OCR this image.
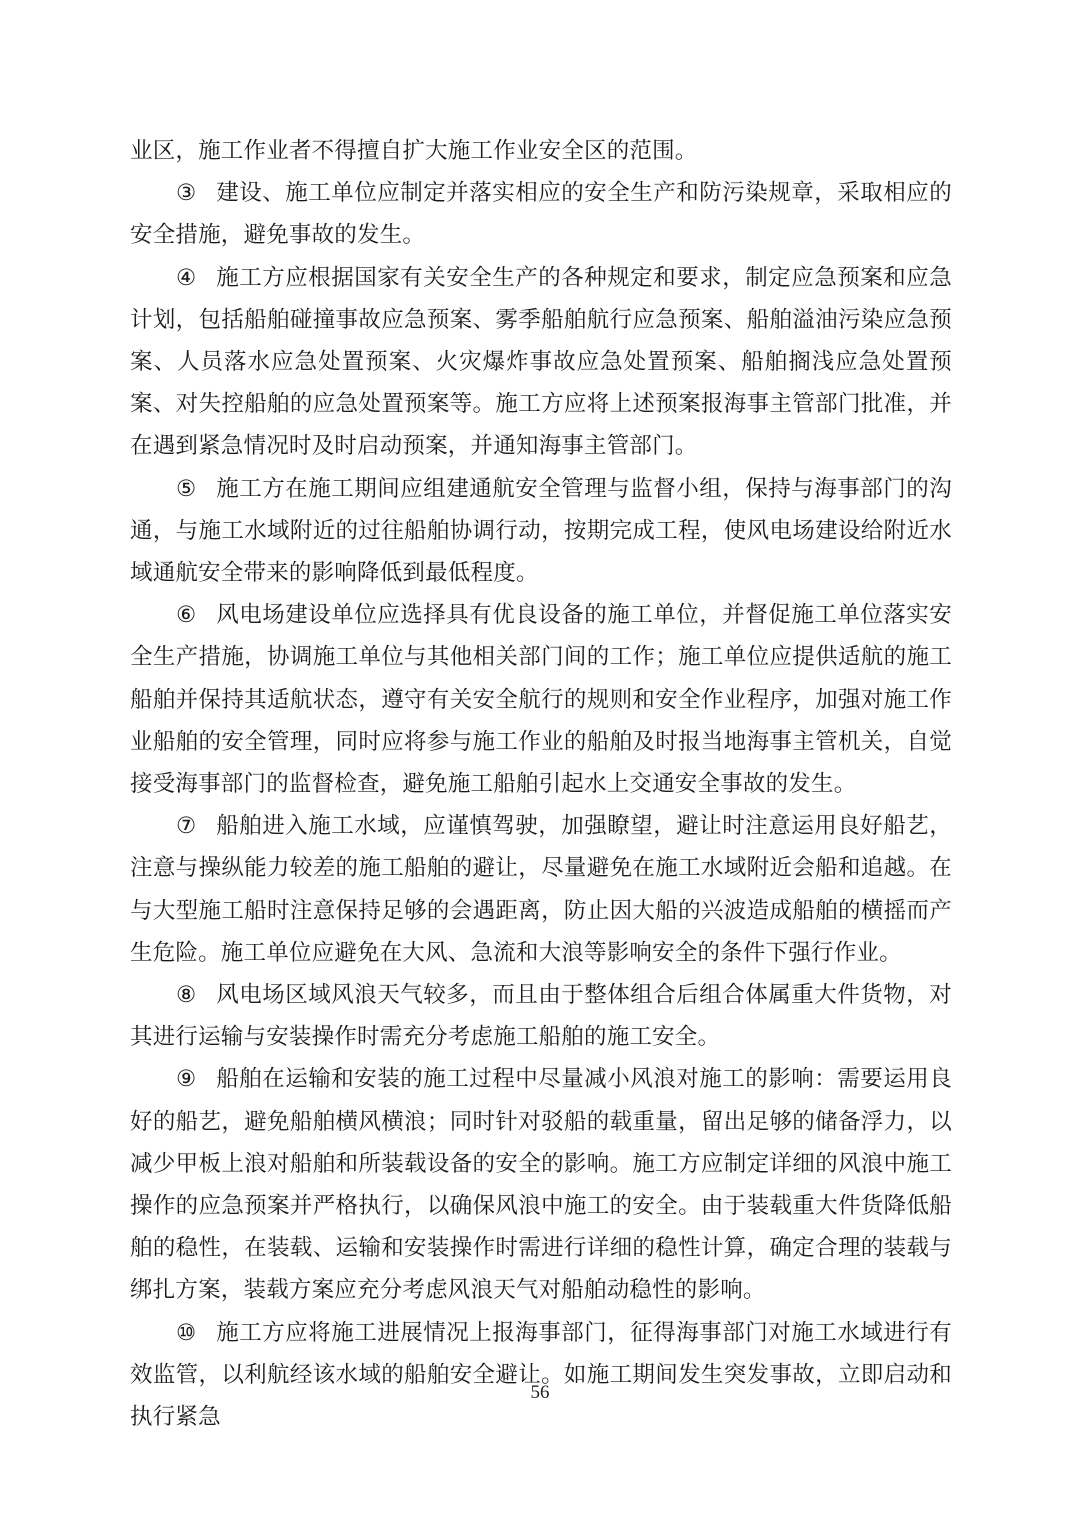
业区，施工作业者不得擅自扩大施工作业安全区的范围。

③ 建设、施工单位应制定并落实相应的安全生产和防污染规章，采取相应的安全措施，避免事故的发生。

④ 施工方应根据国家有关安全生产的各种规定和要求，制定应急预案和应急计划，包括船舶碰撞事故应急预案、雾季船舶航行应急预案、船舶溢油污染应急预案、人员落水应急处置预案、火灾爆炸事故应急处置预案、船舶搁浅应急处置预案、对失控船舶的应急处置预案等。施工方应将上述预案报海事主管部门批准，并在遇到紧急情况时及时启动预案，并通知海事主管部门。

⑤ 施工方在施工期间应组建通航安全管理与监督小组，保持与海事部门的沟通，与施工水域附近的过往船舶协调行动，按期完成工程，使风电场建设给附近水域通航安全带来的影响降低到最低程度。

⑥ 风电场建设单位应选择具有优良设备的施工单位，并督促施工单位落实安全生产措施，协调施工单位与其他相关部门间的工作；施工单位应提供适航的施工船舶并保持其适航状态，遵守有关安全航行的规则和安全作业程序，加强对施工作业船舶的安全管理，同时应将参与施工作业的船舶及时报当地海事主管机关，自觉接受海事部门的监督检查，避免施工船舶引起水上交通安全事故的发生。

⑦ 船舶进入施工水域，应谨慎驾驶，加强瞭望，避让时注意运用良好船艺，注意与操纵能力较差的施工船舶的避让，尽量避免在施工水域附近会船和追越。在与大型施工船时注意保持足够的会遇距离，防止因大船的兴波造成船舶的横摇而产生危险。施工单位应避免在大风、急流和大浪等影响安全的条件下强行作业。

⑧ 风电场区域风浪天气较多，而且由于整体组合后组合体属重大件货物，对其进行运输与安装操作时需充分考虑施工船舶的施工安全。

⑨ 船舶在运输和安装的施工过程中尽量减小风浪对施工的影响：需要运用良好的船艺，避免船舶横风横浪；同时针对驳船的载重量，留出足够的储备浮力，以减少甲板上浪对船舶和所装载设备的安全的影响。施工方应制定详细的风浪中施工操作的应急预案并严格执行，以确保风浪中施工的安全。由于装载重大件货降低船舶的稳性，在装载、运输和安装操作时需进行详细的稳性计算，确定合理的装载与绑扎方案，装载方案应充分考虑风浪天气对船舶动稳性的影响。

⑩ 施工方应将施工进展情况上报海事部门，征得海事部门对施工水域进行有效监管，以利航经该水域的船舶安全避让。如施工期间发生突发事故，立即启动和执行紧急

56
